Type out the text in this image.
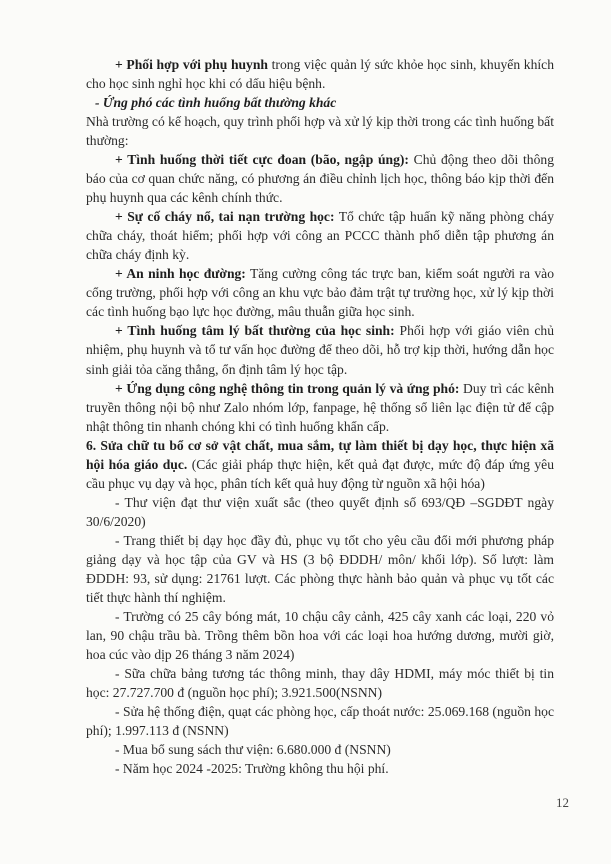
+ Phối hợp với phụ huynh trong việc quản lý sức khỏe học sinh, khuyến khích cho học sinh nghỉ học khi có dấu hiệu bệnh.

- Ứng phó các tình huống bất thường khác

Nhà trường có kế hoạch, quy trình phối hợp và xử lý kịp thời trong các tình huống bất thường:

+ Tình huống thời tiết cực đoan (bão, ngập úng): Chủ động theo dõi thông báo của cơ quan chức năng, có phương án điều chỉnh lịch học, thông báo kịp thời đến phụ huynh qua các kênh chính thức.

+ Sự cố cháy nổ, tai nạn trường học: Tổ chức tập huấn kỹ năng phòng cháy chữa cháy, thoát hiểm; phối hợp với công an PCCC thành phố diễn tập phương án chữa cháy định kỳ.

+ An ninh học đường: Tăng cường công tác trực ban, kiểm soát người ra vào cổng trường, phối hợp với công an khu vực bảo đảm trật tự trường học, xử lý kịp thời các tình huống bạo lực học đường, mâu thuẫn giữa học sinh.

+ Tình huống tâm lý bất thường của học sinh: Phối hợp với giáo viên chủ nhiệm, phụ huynh và tổ tư vấn học đường để theo dõi, hỗ trợ kịp thời, hướng dẫn học sinh giải tỏa căng thẳng, ổn định tâm lý học tập.

+ Ứng dụng công nghệ thông tin trong quản lý và ứng phó: Duy trì các kênh truyền thông nội bộ như Zalo nhóm lớp, fanpage, hệ thống sổ liên lạc điện tử để cập nhật thông tin nhanh chóng khi có tình huống khẩn cấp.

6. Sửa chữ tu bổ cơ sở vật chất, mua sắm, tự làm thiết bị dạy học, thực hiện xã hội hóa giáo dục. (Các giải pháp thực hiện, kết quả đạt được, mức độ đáp ứng yêu cầu phục vụ dạy và học, phân tích kết quả huy động từ nguồn xã hội hóa)

- Thư viện đạt thư viện xuất sắc (theo quyết định số 693/QĐ –SGDĐT ngày 30/6/2020)

- Trang thiết bị dạy học đầy đủ, phục vụ tốt cho yêu cầu đổi mới phương pháp giảng dạy và học tập của GV và HS (3 bộ ĐDDH/ môn/ khối lớp). Số lượt: làm ĐDDH: 93, sử dụng: 21761 lượt. Các phòng thực hành bảo quản và phục vụ tốt các tiết thực hành thí nghiệm.

- Trường có 25 cây bóng mát, 10 chậu cây cảnh, 425 cây xanh các loại, 220 vỏ lan, 90 chậu trầu bà. Trồng thêm bồn hoa với các loại hoa hướng dương, mười giờ, hoa cúc vào dịp 26 tháng 3 năm 2024)

- Sữa chữa bảng tương tác thông minh, thay dây HDMI, máy móc thiết bị tin học: 27.727.700 đ (nguồn học phí); 3.921.500(NSNN)

- Sửa hệ thống điện, quạt các phòng học, cấp thoát nước: 25.069.168 (nguồn học phí); 1.997.113 đ (NSNN)

- Mua bổ sung sách thư viện: 6.680.000 đ (NSNN)

- Năm học 2024 -2025: Trường không thu hội phí.

12
